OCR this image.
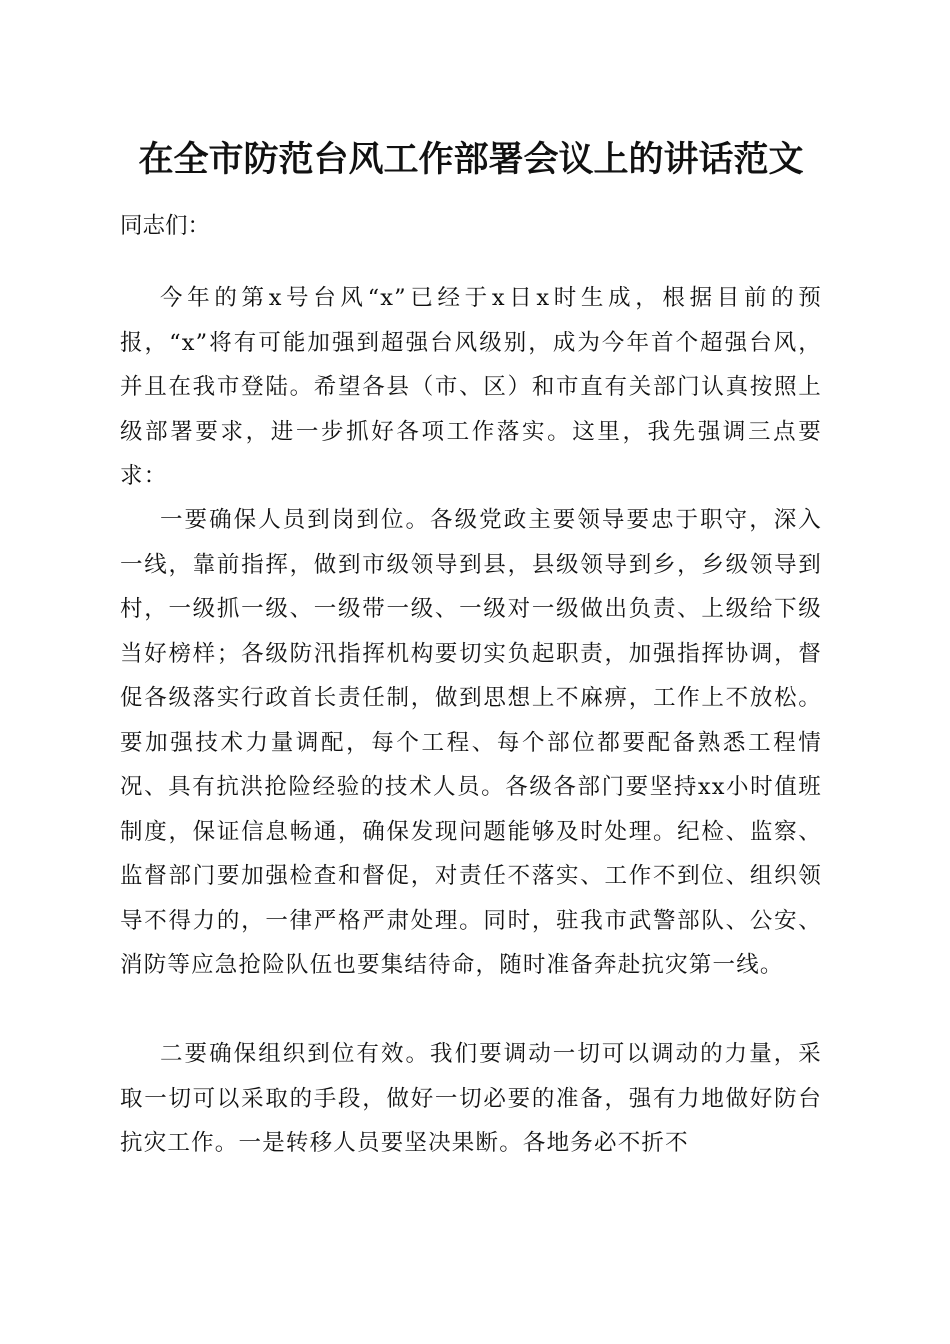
在全市防范台风工作部署会议上的讲话范文

同志们：

今年的第x号台风“x”已经于x日x时生成，根据目前的预报，“x”将有可能加强到超强台风级别，成为今年首个超强台风，并且在我市登陆。希望各县（市、区）和市直有关部门认真按照上级部署要求，进一步抓好各项工作落实。这里，我先强调三点要求：

一要确保人员到岗到位。各级党政主要领导要忠于职守，深入一线，靠前指挥，做到市级领导到县，县级领导到乡，乡级领导到村，一级抓一级、一级带一级、一级对一级做出负责、上级给下级当好榜样；各级防汛指挥机构要切实负起职责，加强指挥协调，督促各级落实行政首长责任制，做到思想上不麻痹，工作上不放松。要加强技术力量调配，每个工程、每个部位都要配备熟悉工程情况、具有抗洪抢险经验的技术人员。各级各部门要坚持xx小时值班制度，保证信息畅通，确保发现问题能够及时处理。纪检、监察、监督部门要加强检查和督促，对责任不落实、工作不到位、组织领导不得力的，一律严格严肃处理。同时，驻我市武警部队、公安、消防等应急抢险队伍也要集结待命，随时准备奔赴抗灾第一线。

二要确保组织到位有效。我们要调动一切可以调动的力量，采取一切可以采取的手段，做好一切必要的准备，强有力地做好防台抗灾工作。一是转移人员要坚决果断。各地务必不折不
